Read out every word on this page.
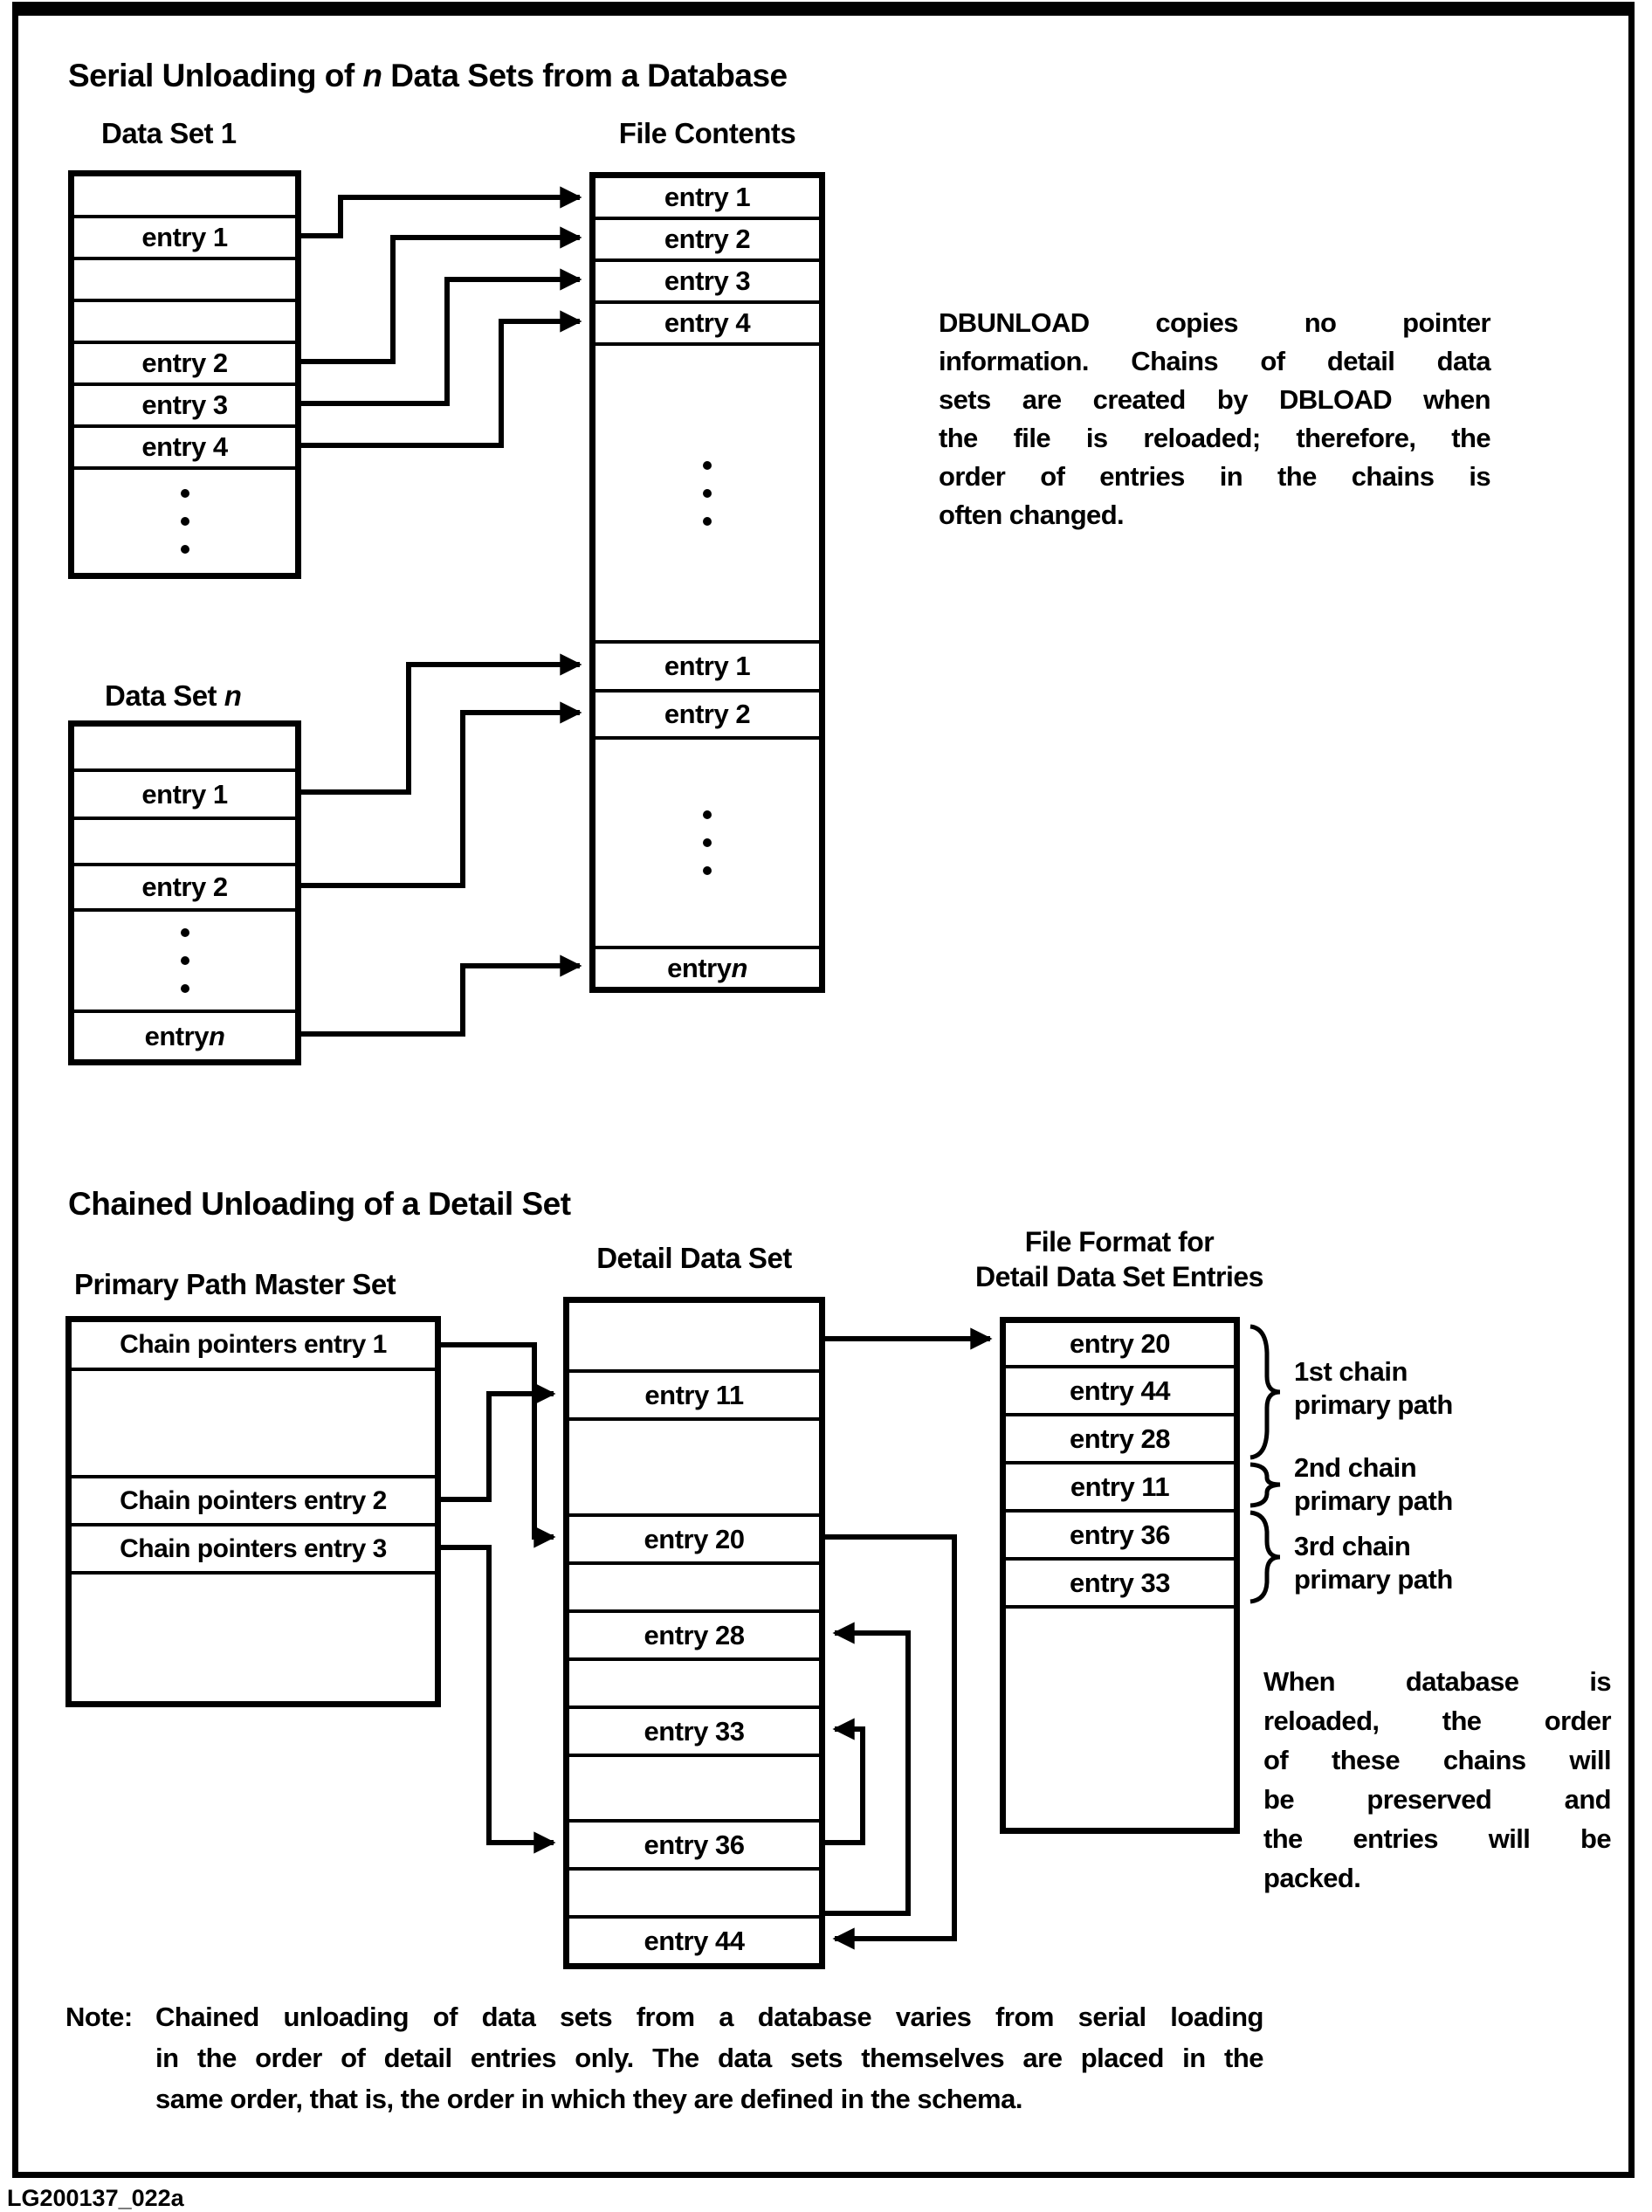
Serial Unloading of n Data Sets from a Database
Data Set 1	File Contents
entry 1
entry 2
entry 3
entry 4
entry 1
entry 2
entry 3
entry 4
entry 1
entry 2
entry n
Data Set n
entry 1
entry 2
entry n
DBUNLOAD copies no pointer
information. Chains of detail data
sets are created by DBLOAD when
the file is reloaded; therefore, the
order of entries in the chains is
often changed.
Chained Unloading of a Detail Set
Primary Path Master Set
Detail Data Set	File Format for
Detail Data Set Entries
Chain pointers entry 1
Chain pointers entry 2
Chain pointers entry 3
entry 11
entry 20
entry 28
entry 33
entry 36
entry 44
entry 20
entry 44
entry 28
entry 11
entry 36
entry 33
1st chain
primary path
2nd chain
primary path
3rd chain
primary path
When database is
reloaded, the order
of these chains will
be preserved and
the entries will be
packed.
Note: Chained unloading of data sets from a database varies from serial loading
in the order of detail entries only. The data sets themselves are placed in the
same order, that is, the order in which they are defined in the schema.
LG200137_022a
